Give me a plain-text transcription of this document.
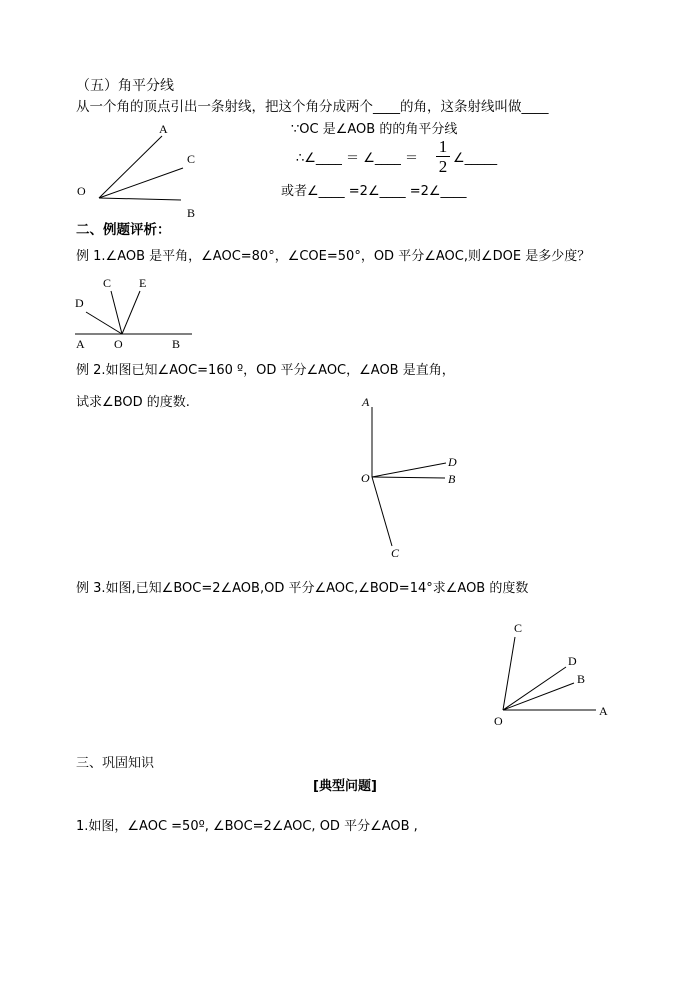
（五）角平分线
从一个角的顶点引出一条射线，把这个角分成两个____的角，这条射线叫做____
A
C
O
B
∵OC 是∠AOB 的的角平分线
∴∠____ ＝ ∠____ ＝
1
2 ∠_____
或者∠____ =2∠____ =2∠____
二、例题评析：
例 1.∠AOB 是平角，∠AOC=80°，∠COE=50°，OD 平分∠AOC,则∠DOE 是多少度？
D
C E
A O	B
例 2.如图已知∠AOC=160 º，OD 平分∠AOC，∠AOB 是直角，
试求∠BOD 的度数.	A
O
D
B
C
例 3.如图,已知∠BOC=2∠AOB,OD 平分∠AOC,∠BOD=14°求∠AOB 的度数
C
D
B
O
A
三、巩固知识
[典型问题]
1.如图，∠AOC =50º, ∠BOC=2∠AOC, OD 平分∠AOB ,
